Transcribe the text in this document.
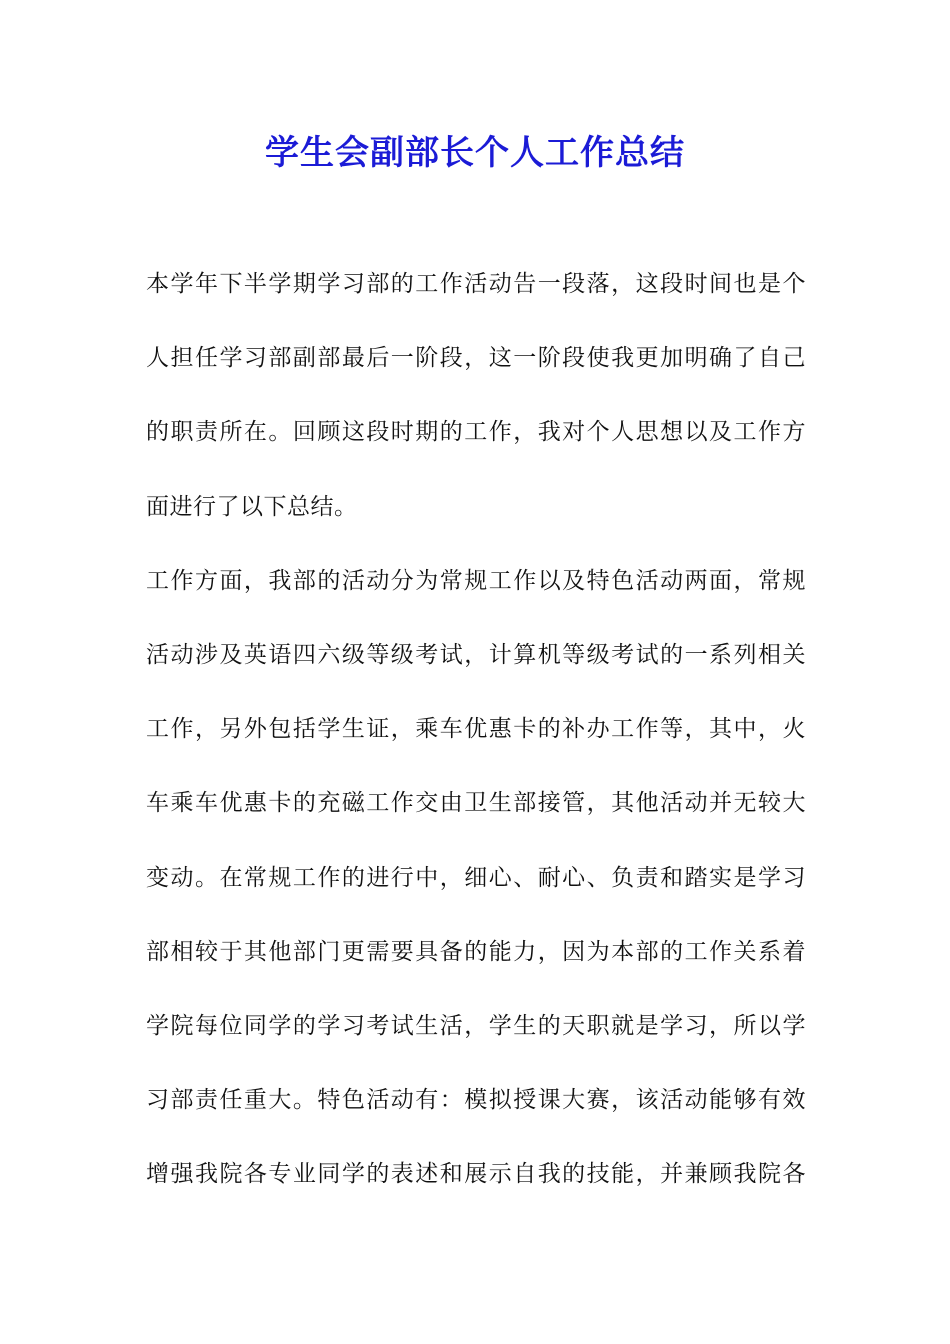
学生会副部长个人工作总结
本学年下半学期学习部的工作活动告一段落，这段时间也是个
人担任学习部副部最后一阶段，这一阶段使我更加明确了自己
的职责所在。回顾这段时期的工作，我对个人思想以及工作方
面进行了以下总结。
工作方面，我部的活动分为常规工作以及特色活动两面，常规
活动涉及英语四六级等级考试，计算机等级考试的一系列相关
工作，另外包括学生证，乘车优惠卡的补办工作等，其中，火
车乘车优惠卡的充磁工作交由卫生部接管，其他活动并无较大
变动。在常规工作的进行中，细心、耐心、负责和踏实是学习
部相较于其他部门更需要具备的能力，因为本部的工作关系着
学院每位同学的学习考试生活，学生的天职就是学习，所以学
习部责任重大。特色活动有：模拟授课大赛，该活动能够有效
增强我院各专业同学的表述和展示自我的技能，并兼顾我院各
